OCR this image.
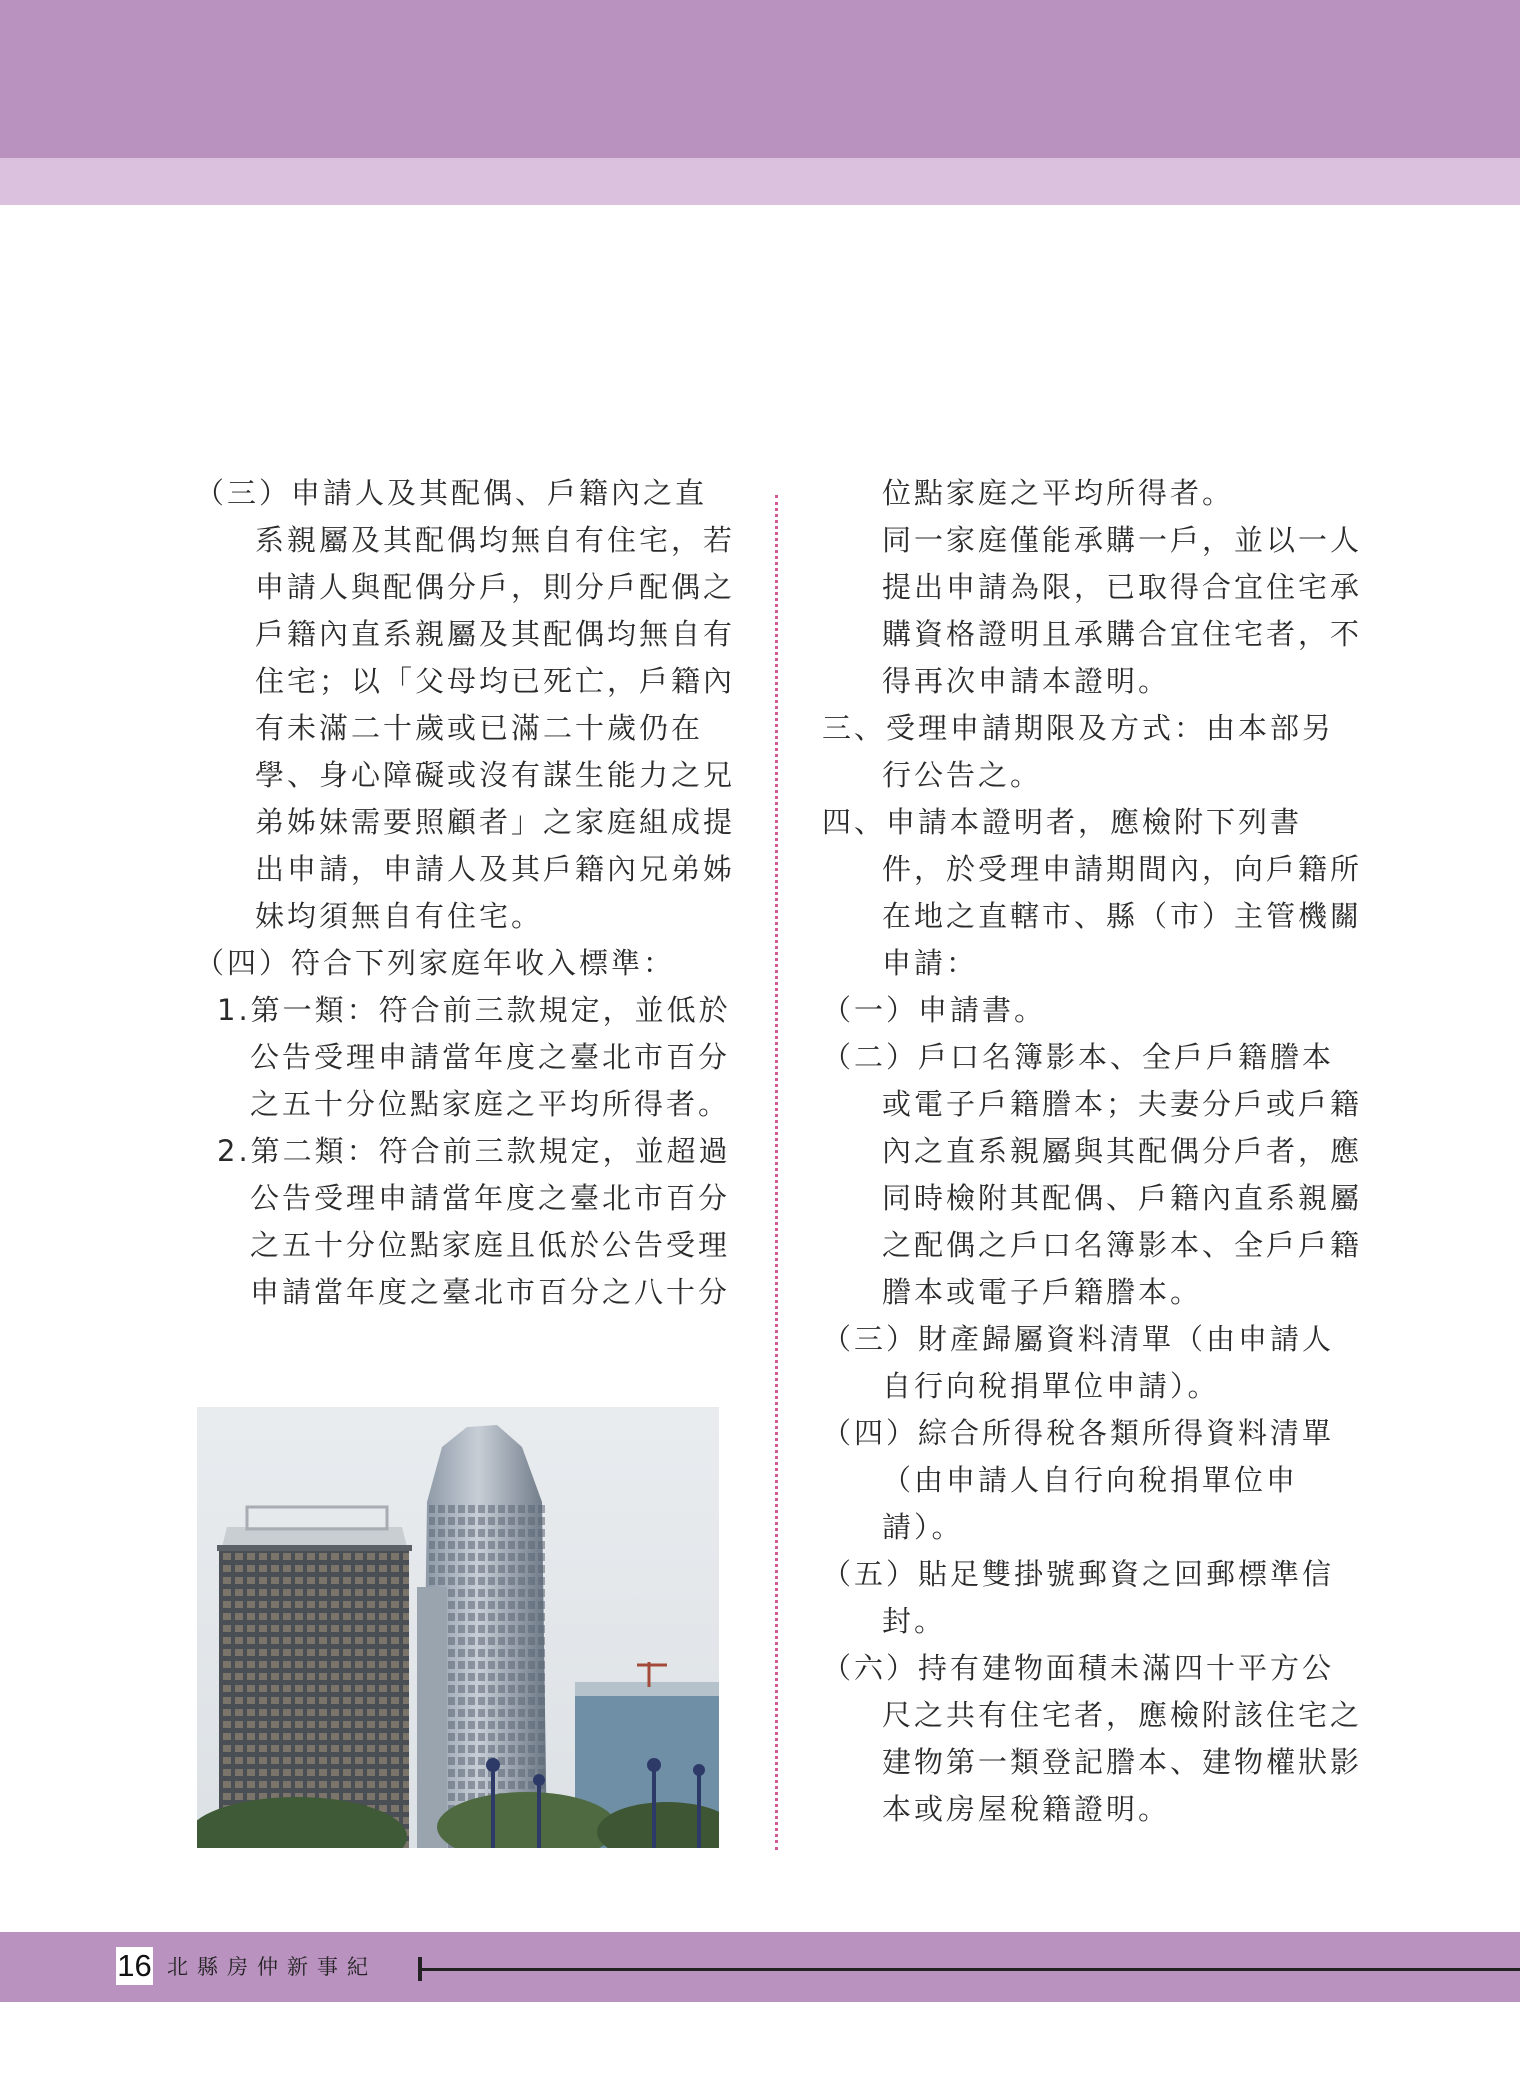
（三）申請人及其配偶、戶籍內之直系親屬及其配偶均無自有住宅，若申請人與配偶分戶，則分戶配偶之戶籍內直系親屬及其配偶均無自有住宅；以「父母均已死亡，戶籍內有未滿二十歲或已滿二十歲仍在學、身心障礙或沒有謀生能力之兄弟姊妹需要照顧者」之家庭組成提出申請，申請人及其戶籍內兄弟姊妹均須無自有住宅。

（四）符合下列家庭年收入標準：

1.第一類：符合前三款規定，並低於公告受理申請當年度之臺北市百分之五十分位點家庭之平均所得者。

2.第二類：符合前三款規定，並超過公告受理申請當年度之臺北市百分之五十分位點家庭且低於公告受理申請當年度之臺北市百分之八十分

位點家庭之平均所得者。

同一家庭僅能承購一戶，並以一人提出申請為限，已取得合宜住宅承購資格證明且承購合宜住宅者，不得再次申請本證明。

三、受理申請期限及方式：由本部另行公告之。

四、申請本證明者，應檢附下列書件，於受理申請期間內，向戶籍所在地之直轄市、縣（市）主管機關申請：

（一）申請書。

（二）戶口名簿影本、全戶戶籍謄本或電子戶籍謄本；夫妻分戶或戶籍內之直系親屬與其配偶分戶者，應同時檢附其配偶、戶籍內直系親屬之配偶之戶口名簿影本、全戶戶籍謄本或電子戶籍謄本。

（三）財產歸屬資料清單（由申請人自行向稅捐單位申請）。

（四）綜合所得稅各類所得資料清單（由申請人自行向稅捐單位申請）。

（五）貼足雙掛號郵資之回郵標準信封。

（六）持有建物面積未滿四十平方公尺之共有住宅者，應檢附該住宅之建物第一類登記謄本、建物權狀影本或房屋稅籍證明。

16 北縣房仲新事紀
